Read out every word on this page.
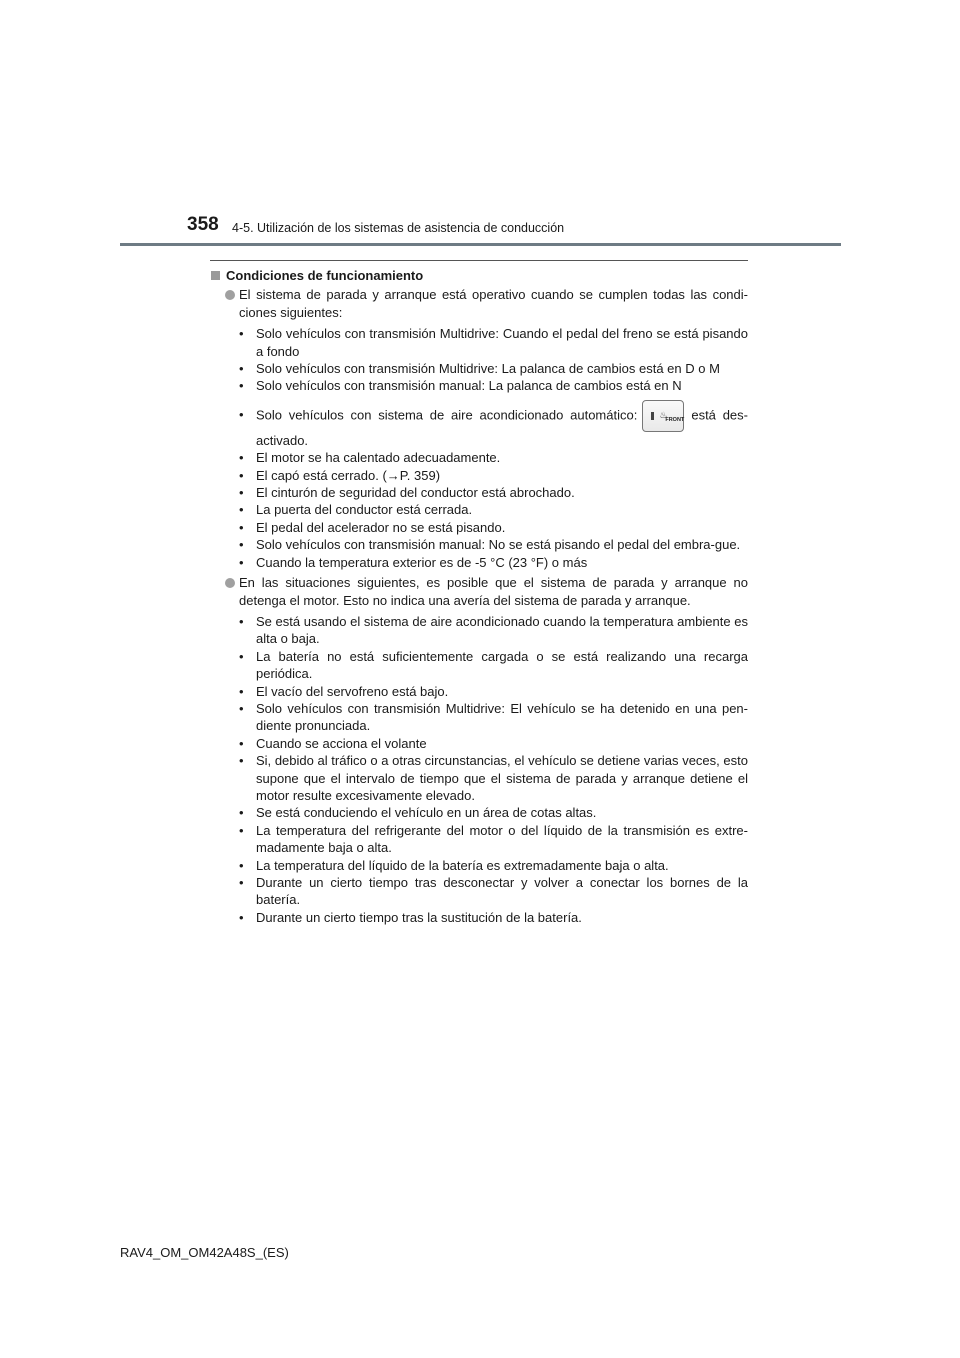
358 4-5. Utilización de los sistemas de asistencia de conducción
Condiciones de funcionamiento
El sistema de parada y arranque está operativo cuando se cumplen todas las condi-ciones siguientes:
• Solo vehículos con transmisión Multidrive: Cuando el pedal del freno se está pisando a fondo
• Solo vehículos con transmisión Multidrive: La palanca de cambios está en D o M
• Solo vehículos con transmisión manual: La palanca de cambios está en N
• Solo vehículos con sistema de aire acondicionado automático: ♨
FRONT está des-activado.
• El motor se ha calentado adecuadamente.
• El capó está cerrado. (→P. 359)
• El cinturón de seguridad del conductor está abrochado.
• La puerta del conductor está cerrada.
• El pedal del acelerador no se está pisando.
• Solo vehículos con transmisión manual: No se está pisando el pedal del embra-gue.
• Cuando la temperatura exterior es de -5 °C (23 °F) o más
En las situaciones siguientes, es posible que el sistema de parada y arranque no detenga el motor. Esto no indica una avería del sistema de parada y arranque.
• Se está usando el sistema de aire acondicionado cuando la temperatura ambiente es alta o baja.
• La batería no está suficientemente cargada o se está realizando una recarga periódica.
• El vacío del servofreno está bajo.
• Solo vehículos con transmisión Multidrive: El vehículo se ha detenido en una pen-diente pronunciada.
• Cuando se acciona el volante
• Si, debido al tráfico o a otras circunstancias, el vehículo se detiene varias veces, esto supone que el intervalo de tiempo que el sistema de parada y arranque detiene el motor resulte excesivamente elevado.
• Se está conduciendo el vehículo en un área de cotas altas.
• La temperatura del refrigerante del motor o del líquido de la transmisión es extre-madamente baja o alta.
• La temperatura del líquido de la batería es extremadamente baja o alta.
• Durante un cierto tiempo tras desconectar y volver a conectar los bornes de la batería.
• Durante un cierto tiempo tras la sustitución de la batería.
RAV4_OM_OM42A48S_(ES)
